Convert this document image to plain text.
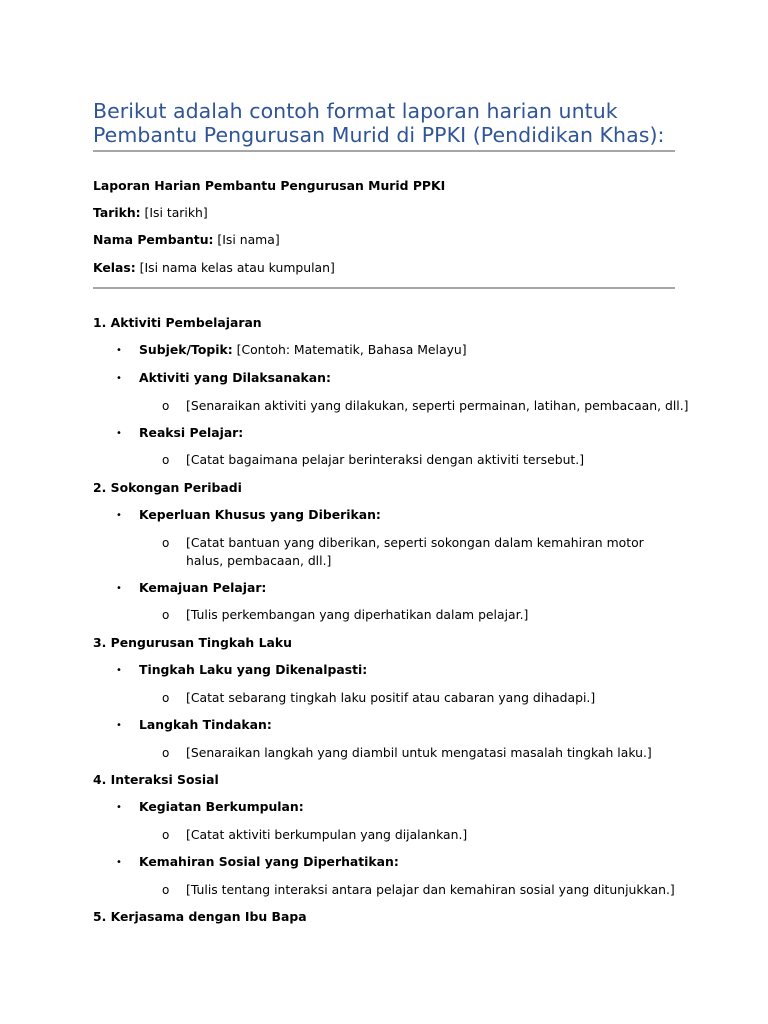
Berikut adalah contoh format laporan harian untuk Pembantu Pengurusan Murid di PPKI (Pendidikan Khas):
Laporan Harian Pembantu Pengurusan Murid PPKI
Tarikh: [Isi tarikh]
Nama Pembantu: [Isi nama]
Kelas: [Isi nama kelas atau kumpulan]
1. Aktiviti Pembelajaran
• Subjek/Topik: [Contoh: Matematik, Bahasa Melayu]
• Aktiviti yang Dilaksanakan:
o [Senaraikan aktiviti yang dilakukan, seperti permainan, latihan, pembacaan, dll.]
• Reaksi Pelajar:
o [Catat bagaimana pelajar berinteraksi dengan aktiviti tersebut.]
2. Sokongan Peribadi
• Keperluan Khusus yang Diberikan:
o [Catat bantuan yang diberikan, seperti sokongan dalam kemahiran motor halus, pembacaan, dll.]
• Kemajuan Pelajar:
o [Tulis perkembangan yang diperhatikan dalam pelajar.]
3. Pengurusan Tingkah Laku
• Tingkah Laku yang Dikenalpasti:
o [Catat sebarang tingkah laku positif atau cabaran yang dihadapi.]
• Langkah Tindakan:
o [Senaraikan langkah yang diambil untuk mengatasi masalah tingkah laku.]
4. Interaksi Sosial
• Kegiatan Berkumpulan:
o [Catat aktiviti berkumpulan yang dijalankan.]
• Kemahiran Sosial yang Diperhatikan:
o [Tulis tentang interaksi antara pelajar dan kemahiran sosial yang ditunjukkan.]
5. Kerjasama dengan Ibu Bapa
